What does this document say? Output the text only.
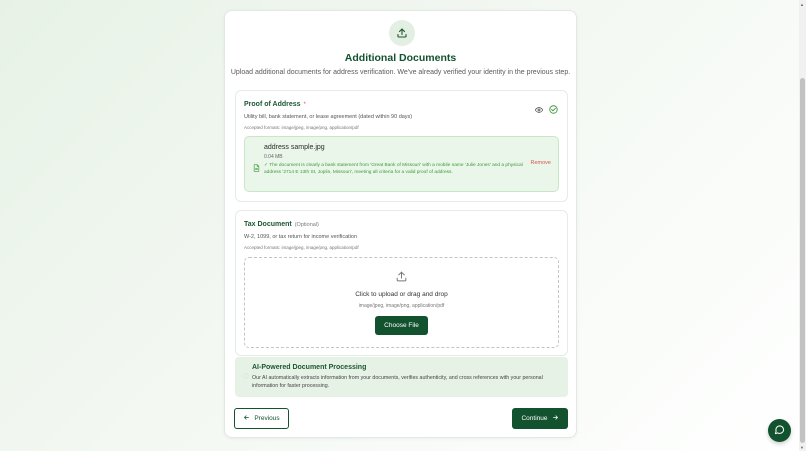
Additional Documents
Upload additional documents for address verification. We've already verified your identity in the previous step.
Proof of Address *
Utility bill, bank statement, or lease agreement (dated within 90 days)
Accepted formats: image/jpeg, image/png, application/pdf
address sample.jpg
0.04 MB
✓ The document is clearly a bank statement from 'Great Bank of Missouri' with a mobile name 'Julie Jones' and a physical address '2714 E 13th St, Joplin, Missouri', meeting all criteria for a valid proof of address.
Remove
Tax Document (Optional)
W-2, 1099, or tax return for income verification
Accepted formats: image/jpeg, image/png, application/pdf
Click to upload or drag and drop
image/jpeg, image/png, application/pdf
Choose File
AI-Powered Document Processing
Our AI automatically extracts information from your documents, verifies authenticity, and cross references with your personal information for faster processing.
Previous	Continue
▲
▼
